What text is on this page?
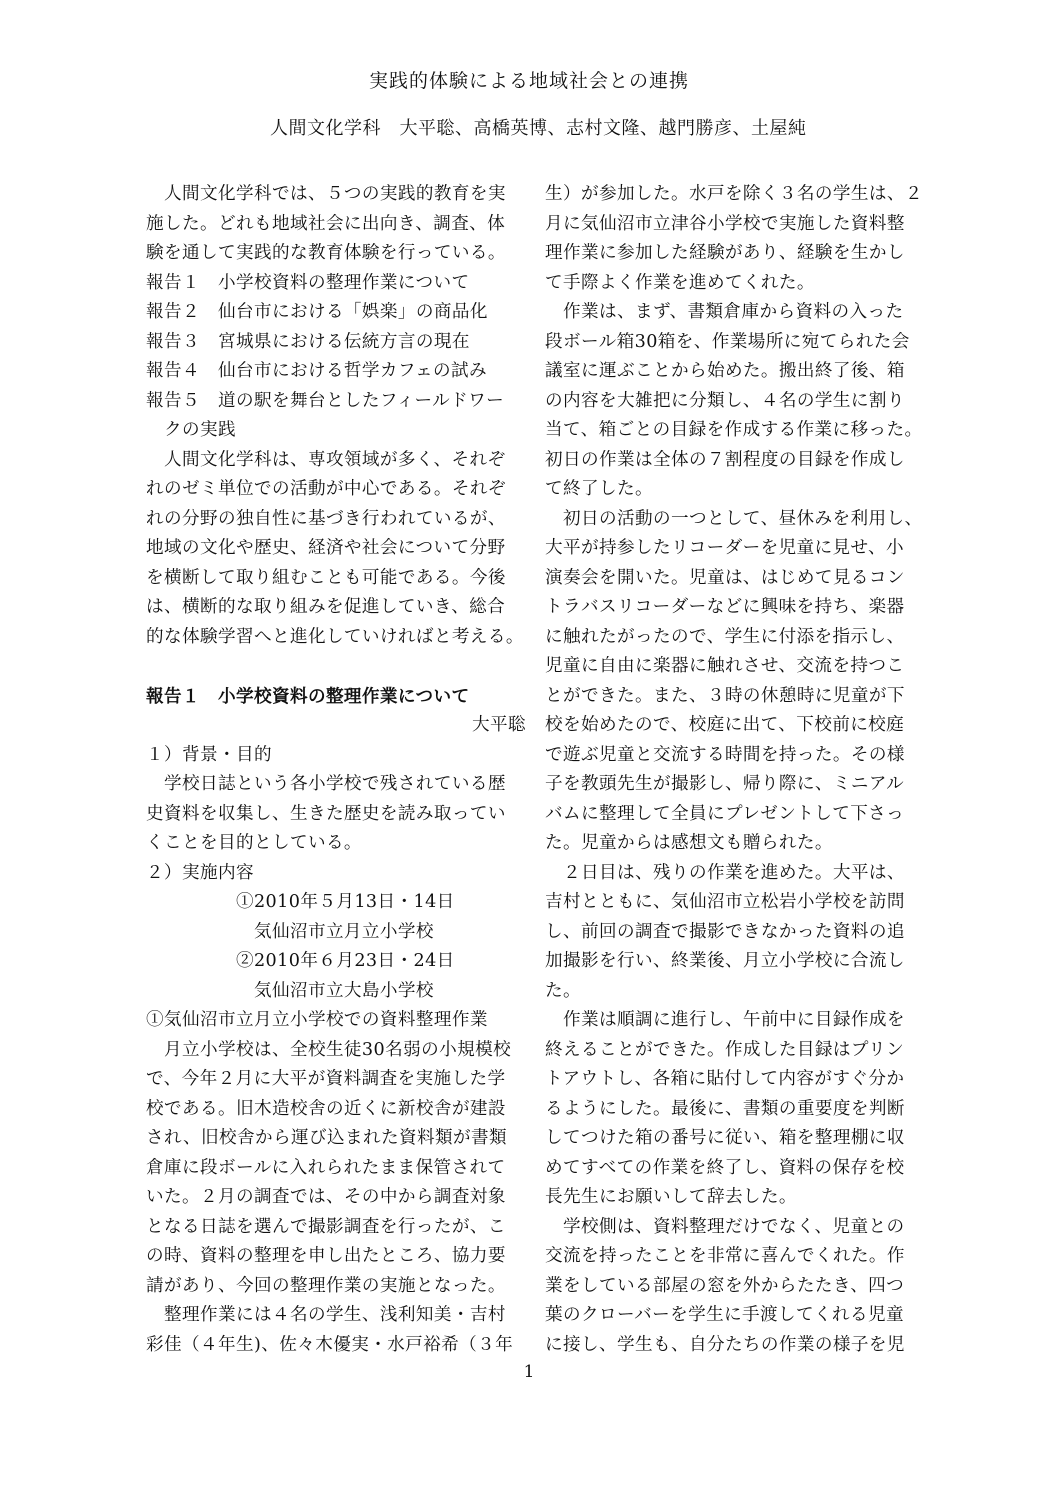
実践的体験による地域社会との連携
人間文化学科　大平聡、高橋英博、志村文隆、越門勝彦、土屋純
　人間文化学科では、５つの実践的教育を実
施した。どれも地域社会に出向き、調査、体
験を通して実践的な教育体験を行っている。
報告１　小学校資料の整理作業について
報告２　仙台市における「娯楽」の商品化
報告３　宮城県における伝統方言の現在
報告４　仙台市における哲学カフェの試み
報告５　道の駅を舞台としたフィールドワー
　クの実践
　人間文化学科は、専攻領域が多く、それぞ
れのゼミ単位での活動が中心である。それぞ
れの分野の独自性に基づき行われているが、
地域の文化や歴史、経済や社会について分野
を横断して取り組むことも可能である。今後
は、横断的な取り組みを促進していき、総合
的な体験学習へと進化していければと考える。
報告１　小学校資料の整理作業について
大平聡
１）背景・目的
　学校日誌という各小学校で残されている歴
史資料を収集し、生きた歴史を読み取ってい
くことを目的としている。
２）実施内容
　　　　　①2010年５月13日・14日
　　　　　　気仙沼市立月立小学校
　　　　　②2010年６月23日・24日
　　　　　　気仙沼市立大島小学校
①気仙沼市立月立小学校での資料整理作業
　月立小学校は、全校生徒30名弱の小規模校
で、今年２月に大平が資料調査を実施した学
校である。旧木造校舎の近くに新校舎が建設
され、旧校舎から運び込まれた資料類が書類
倉庫に段ボールに入れられたまま保管されて
いた。２月の調査では、その中から調査対象
となる日誌を選んで撮影調査を行ったが、こ
の時、資料の整理を申し出たところ、協力要
請があり、今回の整理作業の実施となった。
　整理作業には４名の学生、浅利知美・吉村
彩佳（４年生)、佐々木優実・水戸裕希（３年
生）が参加した。水戸を除く３名の学生は、２
月に気仙沼市立津谷小学校で実施した資料整
理作業に参加した経験があり、経験を生かし
て手際よく作業を進めてくれた。
　作業は、まず、書類倉庫から資料の入った
段ボール箱30箱を、作業場所に宛てられた会
議室に運ぶことから始めた。搬出終了後、箱
の内容を大雑把に分類し、４名の学生に割り
当て、箱ごとの目録を作成する作業に移った。
初日の作業は全体の７割程度の目録を作成し
て終了した。
　初日の活動の一つとして、昼休みを利用し、
大平が持参したリコーダーを児童に見せ、小
演奏会を開いた。児童は、はじめて見るコン
トラバスリコーダーなどに興味を持ち、楽器
に触れたがったので、学生に付添を指示し、
児童に自由に楽器に触れさせ、交流を持つこ
とができた。また、３時の休憩時に児童が下
校を始めたので、校庭に出て、下校前に校庭
で遊ぶ児童と交流する時間を持った。その様
子を教頭先生が撮影し、帰り際に、ミニアル
バムに整理して全員にプレゼントして下さっ
た。児童からは感想文も贈られた。
　２日目は、残りの作業を進めた。大平は、
吉村とともに、気仙沼市立松岩小学校を訪問
し、前回の調査で撮影できなかった資料の追
加撮影を行い、終業後、月立小学校に合流し
た。
　作業は順調に進行し、午前中に目録作成を
終えることができた。作成した目録はプリン
トアウトし、各箱に貼付して内容がすぐ分か
るようにした。最後に、書類の重要度を判断
してつけた箱の番号に従い、箱を整理棚に収
めてすべての作業を終了し、資料の保存を校
長先生にお願いして辞去した。
　学校側は、資料整理だけでなく、児童との
交流を持ったことを非常に喜んでくれた。作
業をしている部屋の窓を外からたたき、四つ
葉のクローバーを学生に手渡してくれる児童
に接し、学生も、自分たちの作業の様子を児
1
